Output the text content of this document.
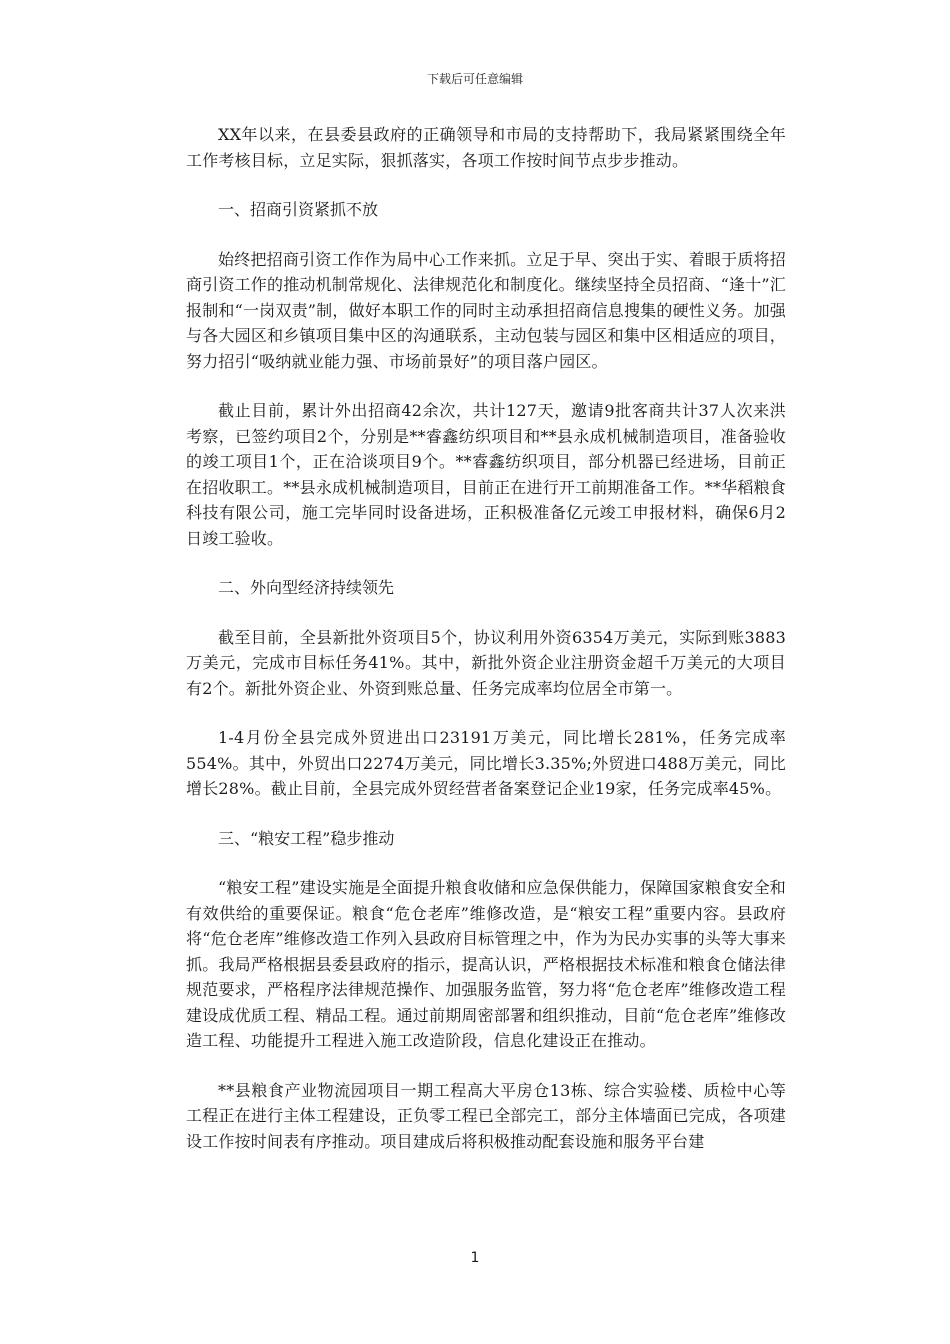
下载后可任意编辑

XX年以来，在县委县政府的正确领导和市局的支持帮助下，我局紧紧围绕全年工作考核目标，立足实际，狠抓落实，各项工作按时间节点步步推动。

一、招商引资紧抓不放

始终把招商引资工作作为局中心工作来抓。立足于早、突出于实、着眼于质将招商引资工作的推动机制常规化、法律规范化和制度化。继续坚持全员招商、“逢十”汇报制和“一岗双责”制，做好本职工作的同时主动承担招商信息搜集的硬性义务。加强与各大园区和乡镇项目集中区的沟通联系，主动包装与园区和集中区相适应的项目，努力招引“吸纳就业能力强、市场前景好”的项目落户园区。

截止目前，累计外出招商42余次，共计127天，邀请9批客商共计37人次来洪考察，已签约项目2个，分别是**睿鑫纺织项目和**县永成机械制造项目，准备验收的竣工项目1个，正在洽谈项目9个。**睿鑫纺织项目，部分机器已经进场，目前正在招收职工。**县永成机械制造项目，目前正在进行开工前期准备工作。**华稻粮食科技有限公司，施工完毕同时设备进场，正积极准备亿元竣工申报材料，确保6月2日竣工验收。

二、外向型经济持续领先

截至目前，全县新批外资项目5个，协议利用外资6354万美元，实际到账3883万美元，完成市目标任务41%。其中，新批外资企业注册资金超千万美元的大项目有2个。新批外资企业、外资到账总量、任务完成率均位居全市第一。

1-4月份全县完成外贸进出口23191万美元，同比增长281%，任务完成率554%。其中，外贸出口2274万美元，同比增长3.35%;外贸进口488万美元，同比增长28%。截止目前，全县完成外贸经营者备案登记企业19家，任务完成率45%。

三、“粮安工程”稳步推动

“粮安工程”建设实施是全面提升粮食收储和应急保供能力，保障国家粮食安全和有效供给的重要保证。粮食“危仓老库”维修改造，是“粮安工程”重要内容。县政府将“危仓老库”维修改造工作列入县政府目标管理之中，作为为民办实事的头等大事来抓。我局严格根据县委县政府的指示，提高认识，严格根据技术标准和粮食仓储法律规范要求，严格程序法律规范操作、加强服务监管，努力将“危仓老库”维修改造工程建设成优质工程、精品工程。通过前期周密部署和组织推动，目前“危仓老库”维修改造工程、功能提升工程进入施工改造阶段，信息化建设正在推动。

**县粮食产业物流园项目一期工程高大平房仓13栋、综合实验楼、质检中心等工程正在进行主体工程建设，正负零工程已全部完工，部分主体墙面已完成，各项建设工作按时间表有序推动。项目建成后将积极推动配套设施和服务平台建

1
